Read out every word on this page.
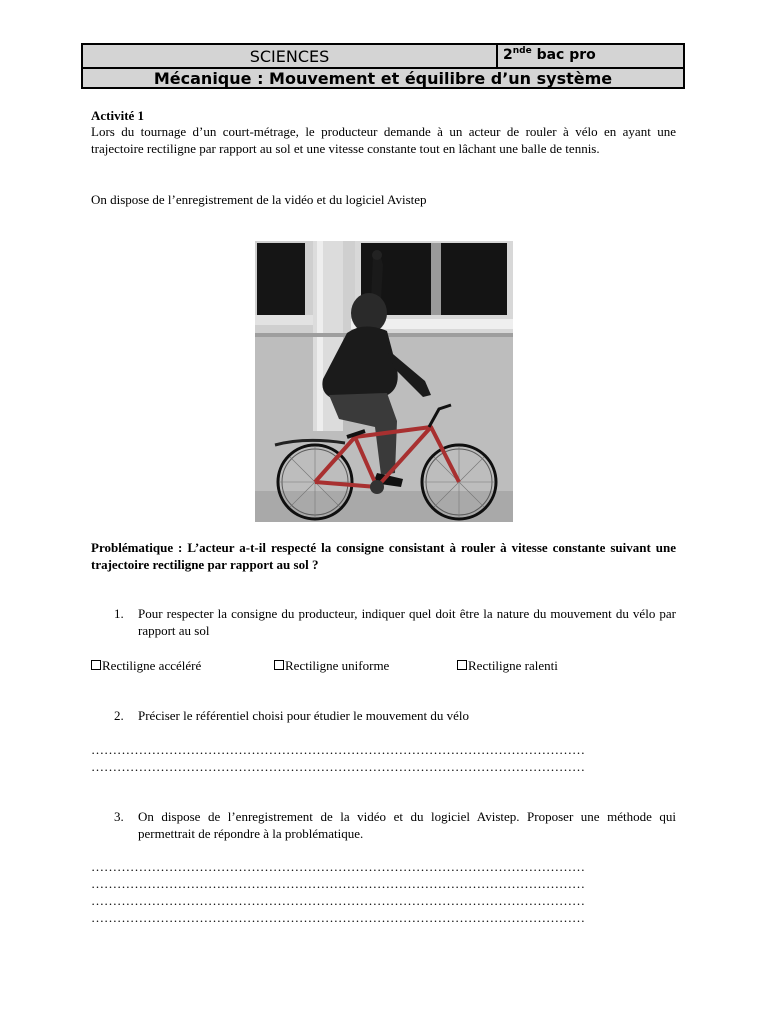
SCIENCES	2nde bac pro
Mécanique : Mouvement et équilibre d’un système
Activité 1
Lors du tournage d’un court-métrage, le producteur demande à un acteur de rouler à vélo en ayant une trajectoire rectiligne par rapport au sol et une vitesse constante tout en lâchant une balle de tennis.
On dispose de l’enregistrement de la vidéo et du logiciel Avistep
Problématique : L’acteur a-t-il respecté la consigne consistant à rouler à vitesse constante suivant une trajectoire rectiligne par rapport au sol ?
1. Pour respecter la consigne du producteur, indiquer quel doit être la nature du mouvement du vélo par rapport au sol
Rectiligne accéléré	Rectiligne uniforme	Rectiligne ralenti
2. Préciser le référentiel choisi pour étudier le mouvement du vélo
……………………………………………………………………………………………………
……………………………………………………………………………………………………
3. On dispose de l’enregistrement de la vidéo et du logiciel Avistep. Proposer une méthode qui permettrait de répondre à la problématique.
……………………………………………………………………………………………………
……………………………………………………………………………………………………
……………………………………………………………………………………………………
……………………………………………………………………………………………………
